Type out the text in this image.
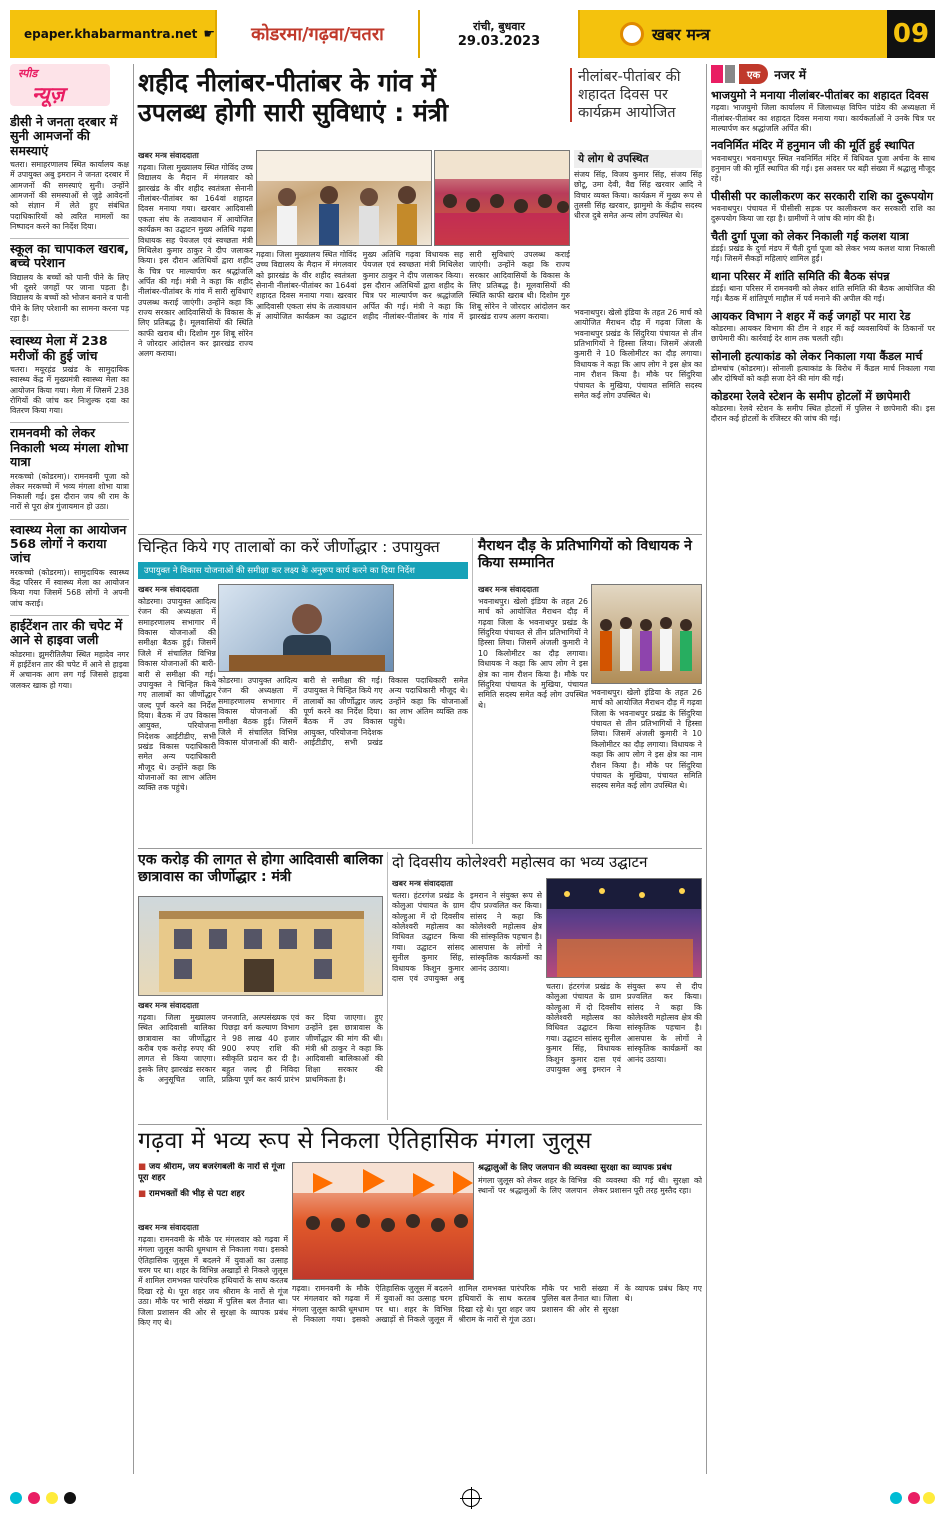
epaper.khabarmantra.net ☛	कोडरमा/गढ़वा/चतरा	रांची, बुधवार
29.03.2023	खबर मन्त्र	09
स्पीड
न्यूज़
डीसी ने जनता दरबार में सुनी आमजनों की समस्याएं
चतरा। समाहरणालय स्थित कार्यालय कक्ष में उपायुक्त अबु इमरान ने जनता दरबार में आमजनों की समस्याएं सुनी। उन्होंने आमजनों की समस्याओं से जुड़े आवेदनों को संज्ञान में लेते हुए संबंधित पदाधिकारियों को त्वरित मामलों का निष्पादन करने का निर्देश दिया।
स्कूल का चापाकल खराब, बच्चे परेशान
विद्यालय के बच्चों को पानी पीने के लिए भी दूसरे जगहों पर जाना पड़ता है। विद्यालय के बच्चों को भोजन बनाने व पानी पीने के लिए परेशानी का सामना करना पड़ रहा है।
स्वास्थ्य मेला में 238 मरीजों की हुई जांच
चतरा। मयूरहंड प्रखंड के सामुदायिक स्वास्थ्य केंद्र में मुख्यमंत्री स्वास्थ्य मेला का आयोजन किया गया। मेला में जिसमें 238 रोगियों की जांच कर निःशुल्क दवा का वितरण किया गया।
रामनवमी को लेकर निकाली भव्य मंगला शोभा यात्रा
मरकच्चो (कोडरमा)। रामनवमी पूजा को लेकर मरकच्चो में भव्य मंगला शोभा यात्रा निकाली गई। इस दौरान जय श्री राम के नारों से पूरा क्षेत्र गुंजायमान हो उठा।
स्वास्थ्य मेला का आयोजन 568 लोगों ने कराया जांच
मरकच्चो (कोडरमा)। सामुदायिक स्वास्थ्य केंद्र परिसर में स्वास्थ्य मेला का आयोजन किया गया जिसमें 568 लोगों ने अपनी जांच कराई।
हाईटेंशन तार की चपेट में आने से हाइवा जली
कोडरमा। झुमरीतिलैया स्थित महादेव नगर में हाईटेंशन तार की चपेट में आने से हाइवा में अचानक आग लग गई जिससे हाइवा जलकर खाक हो गया।
एक	नजर में
भाजयुमो ने मनाया नीलांबर-पीतांबर का शहादत दिवस
गढ़वा। भाजयुमो जिला कार्यालय में जिलाध्यक्ष विपिन पांडेय की अध्यक्षता में नीलांबर-पीतांबर का शहादत दिवस मनाया गया। कार्यकर्ताओं ने उनके चित्र पर माल्यार्पण कर श्रद्धांजलि अर्पित की।
नवनिर्मित मंदिर में हनुमान जी की मूर्ति हुई स्थापित
भवनाथपुर। भवनाथपुर स्थित नवनिर्मित मंदिर में विधिवत पूजा अर्चना के साथ हनुमान जी की मूर्ति स्थापित की गई। इस अवसर पर बड़ी संख्या में श्रद्धालु मौजूद रहे।
पीसीसी पर कालीकरण कर सरकारी राशि का दुरूपयोग
भवनाथपुर। पंचायत में पीसीसी सड़क पर कालीकरण कर सरकारी राशि का दुरूपयोग किया जा रहा है। ग्रामीणों ने जांच की मांग की है।
चैती दुर्गा पूजा को लेकर निकाली गई कलश यात्रा
डंडई। प्रखंड के दुर्गा मंडप में चैती दुर्गा पूजा को लेकर भव्य कलश यात्रा निकाली गई। जिसमें सैकड़ों महिलाएं शामिल हुईं।
थाना परिसर में शांति समिति की बैठक संपन्न
डंडई। थाना परिसर में रामनवमी को लेकर शांति समिति की बैठक आयोजित की गई। बैठक में शांतिपूर्ण माहौल में पर्व मनाने की अपील की गई।
आयकर विभाग ने शहर में कई जगहों पर मारा रेड
कोडरमा। आयकर विभाग की टीम ने शहर में कई व्यवसायियों के ठिकानों पर छापेमारी की। कार्रवाई देर शाम तक चलती रही।
सोनाली हत्याकांड को लेकर निकाला गया कैंडल मार्च
डोमचांच (कोडरमा)। सोनाली हत्याकांड के विरोध में कैंडल मार्च निकाला गया और दोषियों को कड़ी सजा देने की मांग की गई।
कोडरमा रेलवे स्टेशन के समीप होटलों में छापेमारी
कोडरमा। रेलवे स्टेशन के समीप स्थित होटलों में पुलिस ने छापेमारी की। इस दौरान कई होटलों के रजिस्टर की जांच की गई।
शहीद नीलांबर-पीतांबर के गांव में
उपलब्ध होगी सारी सुविधाएं : मंत्री
नीलांबर-पीतांबर की शहादत दिवस पर कार्यक्रम आयोजित
ये लोग थे उपस्थित
संजय सिंह, विजय कुमार सिंह, संजय सिंह छोटू, उमा देवी, वैद्य सिंह खरवार आदि ने विचार व्यक्त किया। कार्यक्रम में मुख्य रूप से तुलसी सिंह खरवार, झामुमो के केंद्रीय सदस्य धीरज दुबे समेत अन्य लोग उपस्थित थे।
खबर मन्त्र संवाददाता
गढ़वा। जिला मुख्यालय स्थित गोविंद उच्च विद्यालय के मैदान में मंगलवार को झारखंड के वीर शहीद स्वतंत्रता सेनानी नीलांबर-पीतांबर का 164वां शहादत दिवस मनाया गया। खरवार आदिवासी एकता संघ के तत्वावधान में आयोजित कार्यक्रम का उद्घाटन मुख्य अतिथि गढ़वा विधायक सह पेयजल एवं स्वच्छता मंत्री मिथिलेश कुमार ठाकुर ने दीप जलाकर किया। इस दौरान अतिथियों द्वारा शहीद के चित्र पर माल्यार्पण कर श्रद्धांजलि अर्पित की गई। मंत्री ने कहा कि शहीद नीलांबर-पीतांबर के गांव में सारी सुविधाएं उपलब्ध कराई जाएंगी। उन्होंने कहा कि राज्य सरकार आदिवासियों के विकास के लिए प्रतिबद्ध है। मूलवासियों की स्थिति काफी खराब थी। दिशोम गुरु शिबू सोरेन ने जोरदार आंदोलन कर झारखंड राज्य अलग कराया।
गढ़वा। जिला मुख्यालय स्थित गोविंद उच्च विद्यालय के मैदान में मंगलवार को झारखंड के वीर शहीद स्वतंत्रता सेनानी नीलांबर-पीतांबर का 164वां शहादत दिवस मनाया गया। खरवार आदिवासी एकता संघ के तत्वावधान में आयोजित कार्यक्रम का उद्घाटन मुख्य अतिथि गढ़वा विधायक सह पेयजल एवं स्वच्छता मंत्री मिथिलेश कुमार ठाकुर ने दीप जलाकर किया। इस दौरान अतिथियों द्वारा शहीद के चित्र पर माल्यार्पण कर श्रद्धांजलि अर्पित की गई। मंत्री ने कहा कि शहीद नीलांबर-पीतांबर के गांव में सारी सुविधाएं उपलब्ध कराई जाएंगी। उन्होंने कहा कि राज्य सरकार आदिवासियों के विकास के लिए प्रतिबद्ध है। मूलवासियों की स्थिति काफी खराब थी। दिशोम गुरु शिबू सोरेन ने जोरदार आंदोलन कर झारखंड राज्य अलग कराया।	भवनाथपुर। खेलो इंडिया के तहत 26 मार्च को आयोजित मैराथन दौड़ में गढ़वा जिला के भवनाथपुर प्रखंड के सिंदुरिया पंचायत से तीन प्रतिभागियों ने हिस्सा लिया। जिसमें अंजली कुमारी ने 10 किलोमीटर का दौड़ लगाया। विधायक ने कहा कि आप लोग ने इस क्षेत्र का नाम रौशन किया है। मौके पर सिंदुरिया पंचायत के मुखिया, पंचायत समिति सदस्य समेत कई लोग उपस्थित थे।
चिन्हित किये गए तालाबों का करें जीर्णोद्धार : उपायुक्त
उपायुक्त ने विकास योजनाओं की समीक्षा कर लक्ष्य के अनुरूप कार्य करने का दिया निर्देश
खबर मन्त्र संवाददाता
कोडरमा। उपायुक्त आदित्य रंजन की अध्यक्षता में समाहरणालय सभागार में विकास योजनाओं की समीक्षा बैठक हुई। जिसमें जिले में संचालित विभिन्न विकास योजनाओं की बारी-बारी से समीक्षा की गई। उपायुक्त ने चिन्हित किये गए तालाबों का जीर्णोद्धार जल्द पूर्ण करने का निर्देश दिया। बैठक में उप विकास आयुक्त, परियोजना निदेशक आईटीडीए, सभी प्रखंड विकास पदाधिकारी समेत अन्य पदाधिकारी मौजूद थे। उन्होंने कहा कि योजनाओं का लाभ अंतिम व्यक्ति तक पहुंचे।
कोडरमा। उपायुक्त आदित्य रंजन की अध्यक्षता में समाहरणालय सभागार में विकास योजनाओं की समीक्षा बैठक हुई। जिसमें जिले में संचालित विभिन्न विकास योजनाओं की बारी-बारी से समीक्षा की गई। उपायुक्त ने चिन्हित किये गए तालाबों का जीर्णोद्धार जल्द पूर्ण करने का निर्देश दिया। बैठक में उप विकास आयुक्त, परियोजना निदेशक आईटीडीए, सभी प्रखंड विकास पदाधिकारी समेत अन्य पदाधिकारी मौजूद थे। उन्होंने कहा कि योजनाओं का लाभ अंतिम व्यक्ति तक पहुंचे।
मैराथन दौड़ के प्रतिभागियों को विधायक ने किया सम्मानित
खबर मन्त्र संवाददाता
भवनाथपुर। खेलो इंडिया के तहत 26 मार्च को आयोजित मैराथन दौड़ में गढ़वा जिला के भवनाथपुर प्रखंड के सिंदुरिया पंचायत से तीन प्रतिभागियों ने हिस्सा लिया। जिसमें अंजली कुमारी ने 10 किलोमीटर का दौड़ लगाया। विधायक ने कहा कि आप लोग ने इस क्षेत्र का नाम रौशन किया है। मौके पर सिंदुरिया पंचायत के मुखिया, पंचायत समिति सदस्य समेत कई लोग उपस्थित थे।
भवनाथपुर। खेलो इंडिया के तहत 26 मार्च को आयोजित मैराथन दौड़ में गढ़वा जिला के भवनाथपुर प्रखंड के सिंदुरिया पंचायत से तीन प्रतिभागियों ने हिस्सा लिया। जिसमें अंजली कुमारी ने 10 किलोमीटर का दौड़ लगाया। विधायक ने कहा कि आप लोग ने इस क्षेत्र का नाम रौशन किया है। मौके पर सिंदुरिया पंचायत के मुखिया, पंचायत समिति सदस्य समेत कई लोग उपस्थित थे।
एक करोड़ की लागत से होगा आदिवासी बालिका छात्रावास का जीर्णोद्धार : मंत्री
खबर मन्त्र संवाददाता
गढ़वा। जिला मुख्यालय स्थित आदिवासी बालिका छात्रावास का जीर्णोद्धार करीब एक करोड़ रुपए की लागत से किया जाएगा। इसके लिए झारखंड सरकार के अनुसूचित जाति, जनजाति, अल्पसंख्यक एवं पिछड़ा वर्ग कल्याण विभाग ने 98 लाख 40 हजार 900 रुपए राशि की स्वीकृति प्रदान कर दी है। बहुत जल्द ही निविदा प्रक्रिया पूर्ण कर कार्य प्रारंभ कर दिया जाएगा। हुए उन्होंने इस छात्रावास के जीर्णोद्धार की मांग की थी। मंत्री श्री ठाकुर ने कहा कि आदिवासी बालिकाओं की शिक्षा सरकार की प्राथमिकता है।
दो दिवसीय कोलेश्वरी महोत्सव का भव्य उद्घाटन
खबर मन्त्र संवाददाता
चतरा। हंटरगंज प्रखंड के कोलुआ पंचायत के ग्राम कोल्हुआ में दो दिवसीय कोलेश्वरी महोत्सव का विधिवत उद्घाटन किया गया। उद्घाटन सांसद सुनील कुमार सिंह, विधायक किशुन कुमार दास एवं उपायुक्त अबु इमरान ने संयुक्त रूप से दीप प्रज्वलित कर किया। सांसद ने कहा कि कोलेश्वरी महोत्सव क्षेत्र की सांस्कृतिक पहचान है। आसपास के लोगों ने सांस्कृतिक कार्यक्रमों का आनंद उठाया।
चतरा। हंटरगंज प्रखंड के कोलुआ पंचायत के ग्राम कोल्हुआ में दो दिवसीय कोलेश्वरी महोत्सव का विधिवत उद्घाटन किया गया। उद्घाटन सांसद सुनील कुमार सिंह, विधायक किशुन कुमार दास एवं उपायुक्त अबु इमरान ने संयुक्त रूप से दीप प्रज्वलित कर किया। सांसद ने कहा कि कोलेश्वरी महोत्सव क्षेत्र की सांस्कृतिक पहचान है। आसपास के लोगों ने सांस्कृतिक कार्यक्रमों का आनंद उठाया।
गढ़वा में भव्य रूप से निकला ऐतिहासिक मंगला जुलूस
■ जय श्रीराम, जय बजरंगबली के नारों से गूंजा पूरा शहर
■ रामभक्तों की भीड़ से पटा शहर
श्रद्धालुओं के लिए जलपान की व्यवस्था सुरक्षा का व्यापक प्रबंध
मंगला जुलूस को लेकर शहर के विभिन्न स्थानों पर श्रद्धालुओं के लिए जलपान की व्यवस्था की गई थी। सुरक्षा को लेकर प्रशासन पूरी तरह मुस्तैद रहा।
खबर मन्त्र संवाददाता
गढ़वा। रामनवमी के मौके पर मंगलवार को गढ़वा में मंगला जुलूस काफी धूमधाम से निकाला गया। इसको ऐतिहासिक जुलूस में बदलने में युवाओं का उत्साह चरम पर था। शहर के विभिन्न अखाड़ों से निकले जुलूस में शामिल रामभक्त पारंपरिक हथियारों के साथ करतब दिखा रहे थे। पूरा शहर जय श्रीराम के नारों से गूंज उठा। मौके पर भारी संख्या में पुलिस बल तैनात था। जिला प्रशासन की ओर से सुरक्षा के व्यापक प्रबंध किए गए थे।
गढ़वा। रामनवमी के मौके पर मंगलवार को गढ़वा में मंगला जुलूस काफी धूमधाम से निकाला गया। इसको ऐतिहासिक जुलूस में बदलने में युवाओं का उत्साह चरम पर था। शहर के विभिन्न अखाड़ों से निकले जुलूस में शामिल रामभक्त पारंपरिक हथियारों के साथ करतब दिखा रहे थे। पूरा शहर जय श्रीराम के नारों से गूंज उठा। मौके पर भारी संख्या में पुलिस बल तैनात था। जिला प्रशासन की ओर से सुरक्षा के व्यापक प्रबंध किए गए थे।
